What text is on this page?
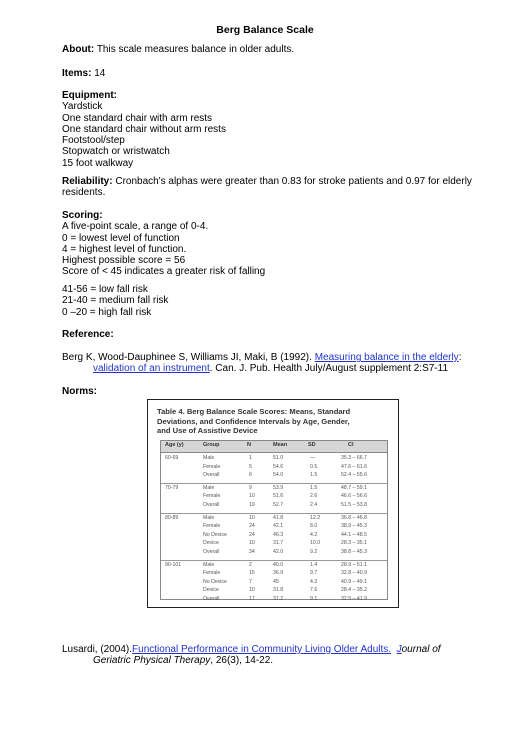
Berg Balance Scale
About: This scale measures balance in older adults.
Items: 14
Equipment:
Yardstick
One standard chair with arm rests
One standard chair without arm rests
Footstool/step
Stopwatch or wristwatch
15 foot walkway
Reliability: Cronbach's alphas were greater than 0.83 for stroke patients and 0.97 for elderly
residents.
Scoring:
A five-point scale, a range of 0-4.
0 = lowest level of function
4 = highest level of function.
Highest possible score = 56
Score of < 45 indicates a greater risk of falling
41-56 = low fall risk
21-40 = medium fall risk
0 –20 = high fall risk
Reference:
Berg K, Wood-Dauphinee S, Williams JI, Maki, B (1992). Measuring balance in the elderly:
validation of an instrument. Can. J. Pub. Health July/August supplement 2:S7-11
Norms:
Table 4. Berg Balance Scale Scores: Means, Standard
Deviations, and Confidence Intervals by Age, Gender,
and Use of Assistive Device
Age (y)	Group	N	Mean	SD	CI
60-69	Male	1	51.0	—	35.3 – 66.7
Female	5	54.6	0.5	47.6 – 61.6
Overall	6	54.0	1.5	52.4 – 55.6
70-79	Male	9	53.9	1.5	48.7 – 59.1
Female	10	51.6	2.6	46.6 – 56.6
Overall	19	52.7	2.4	51.5 – 53.8
80-89	Male	10	41.8	12.2	36.8 – 46.8
Female	24	42.1	8.0	38.9 – 45.3
No Device	24	46.3	4.2	44.1 – 48.5
Device	10	31.7	10.0	28.3 – 35.1
Overall	34	42.0	9.2	38.8 – 45.3
90-101	Male	2	40.0	1.4	28.9 – 51.1
Female	15	36.9	9.7	32.8 – 40.9
No Device	7	45	4.2	40.9 – 49.1
Device	10	31.8	7.6	28.4 – 35.2
Overall	17	37.2	9.1	32.5 – 41.9
Lusardi, (2004).Functional Performance in Community Living Older Adults. Journal of
Geriatric Physical Therapy, 26(3), 14-22.
